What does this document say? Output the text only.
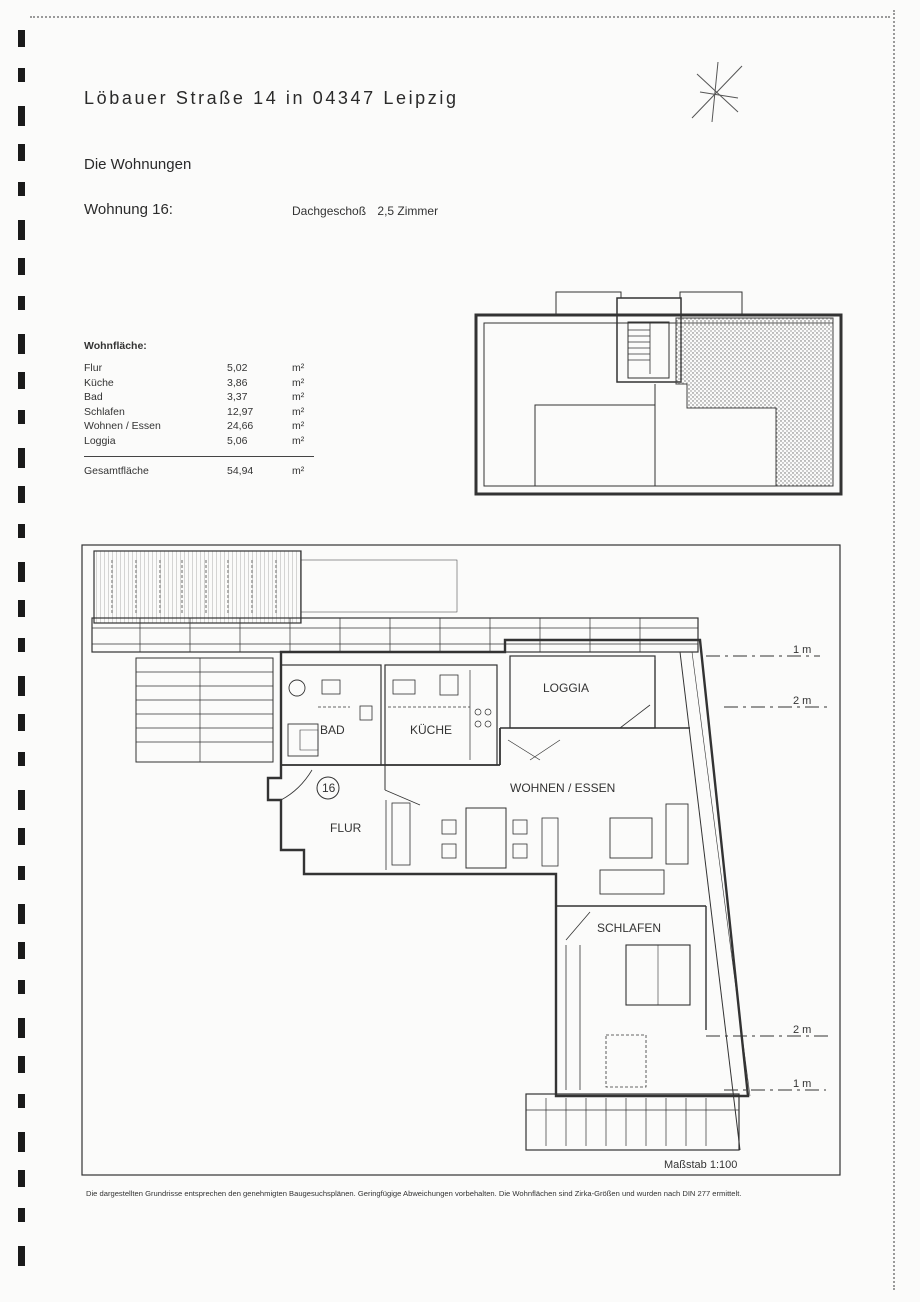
Löbauer Straße 14 in 04347 Leipzig
Die Wohnungen
Wohnung 16:	Dachgeschoß 2,5 Zimmer
Wohnfläche:
Flur	5,02	m²
Küche	3,86	m²
Bad	3,37	m²
Schlafen	12,97	m²
Wohnen / Essen	24,66	m²
Loggia	5,06	m²
Gesamtfläche	54,94	m²
BAD	KÜCHE
LOGGIA
WOHNEN / ESSEN
FLUR
SCHLAFEN
16
1 m
2 m
2 m
1 m
Maßstab 1:100
Die dargestellten Grundrisse entsprechen den genehmigten Baugesuchsplänen. Geringfügige Abweichungen vorbehalten. Die Wohnflächen sind Zirka-Größen und wurden nach DIN 277 ermittelt.
